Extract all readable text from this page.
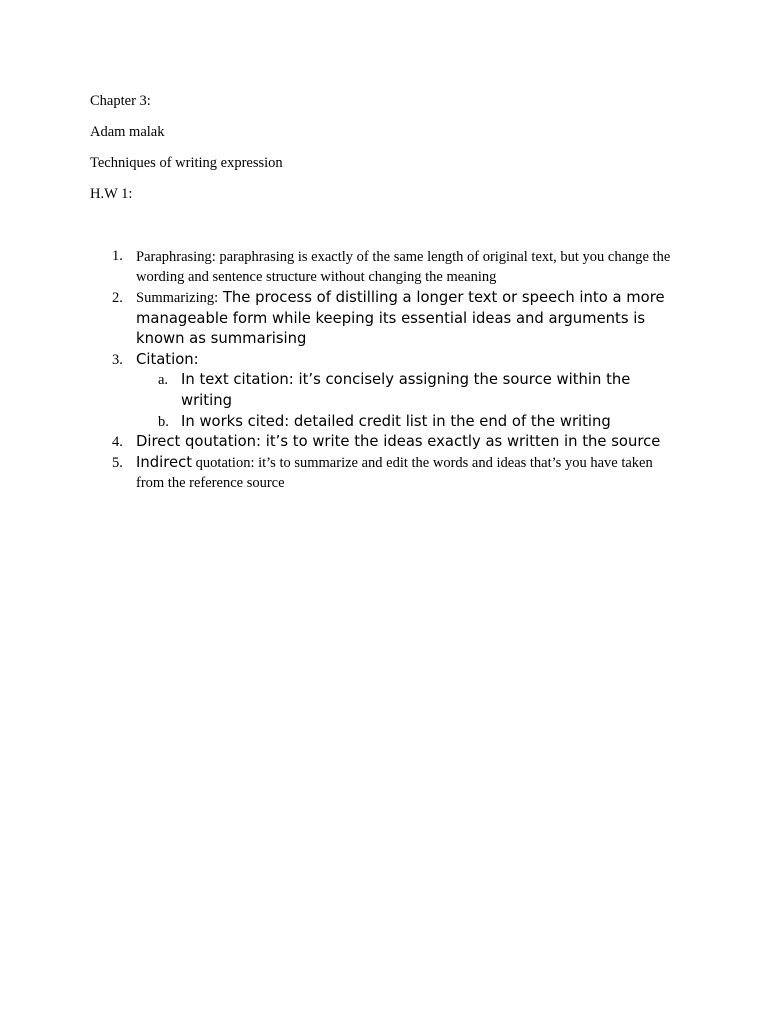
Chapter 3:
Adam malak
Techniques of writing expression
H.W 1:
1. Paraphrasing: paraphrasing is exactly of the same length of original text, but you change the wording and sentence structure without changing the meaning
2. Summarizing: The process of distilling a longer text or speech into a more manageable form while keeping its essential ideas and arguments is known as summarising
3. Citation:
a. In text citation: it’s concisely assigning the source within the writing
b. In works cited: detailed credit list in the end of the writing
4. Direct qoutation: it’s to write the ideas exactly as written in the source
5. Indirect quotation: it’s to summarize and edit the words and ideas that’s you have taken from the reference source
